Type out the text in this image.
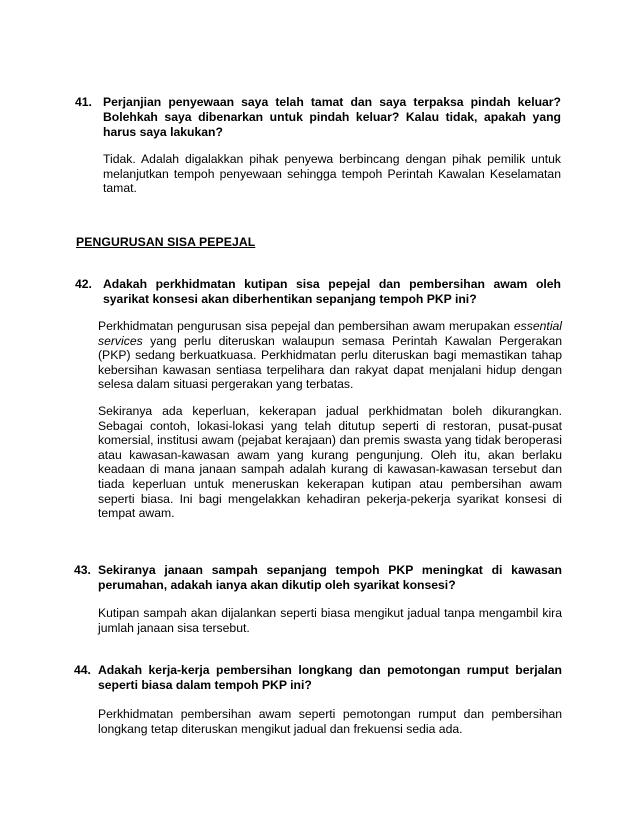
41. Perjanjian penyewaan saya telah tamat dan saya terpaksa pindah keluar? Bolehkah saya dibenarkan untuk pindah keluar? Kalau tidak, apakah yang harus saya lakukan?
Tidak. Adalah digalakkan pihak penyewa berbincang dengan pihak pemilik untuk melanjutkan tempoh penyewaan sehingga tempoh Perintah Kawalan Keselamatan tamat.
PENGURUSAN SISA PEPEJAL
42. Adakah perkhidmatan kutipan sisa pepejal dan pembersihan awam oleh syarikat konsesi akan diberhentikan sepanjang tempoh PKP ini?
Perkhidmatan pengurusan sisa pepejal dan pembersihan awam merupakan essential services yang perlu diteruskan walaupun semasa Perintah Kawalan Pergerakan (PKP) sedang berkuatkuasa. Perkhidmatan perlu diteruskan bagi memastikan tahap kebersihan kawasan sentiasa terpelihara dan rakyat dapat menjalani hidup dengan selesa dalam situasi pergerakan yang terbatas.
Sekiranya ada keperluan, kekerapan jadual perkhidmatan boleh dikurangkan. Sebagai contoh, lokasi-lokasi yang telah ditutup seperti di restoran, pusat-pusat komersial, institusi awam (pejabat kerajaan) dan premis swasta yang tidak beroperasi atau kawasan-kawasan awam yang kurang pengunjung. Oleh itu, akan berlaku keadaan di mana janaan sampah adalah kurang di kawasan-kawasan tersebut dan tiada keperluan untuk meneruskan kekerapan kutipan atau pembersihan awam seperti biasa. Ini bagi mengelakkan kehadiran pekerja-pekerja syarikat konsesi di tempat awam.
43. Sekiranya janaan sampah sepanjang tempoh PKP meningkat di kawasan perumahan, adakah ianya akan dikutip oleh syarikat konsesi?
Kutipan sampah akan dijalankan seperti biasa mengikut jadual tanpa mengambil kira jumlah janaan sisa tersebut.
44. Adakah kerja-kerja pembersihan longkang dan pemotongan rumput berjalan seperti biasa dalam tempoh PKP ini?
Perkhidmatan pembersihan awam seperti pemotongan rumput dan pembersihan longkang tetap diteruskan mengikut jadual dan frekuensi sedia ada.
